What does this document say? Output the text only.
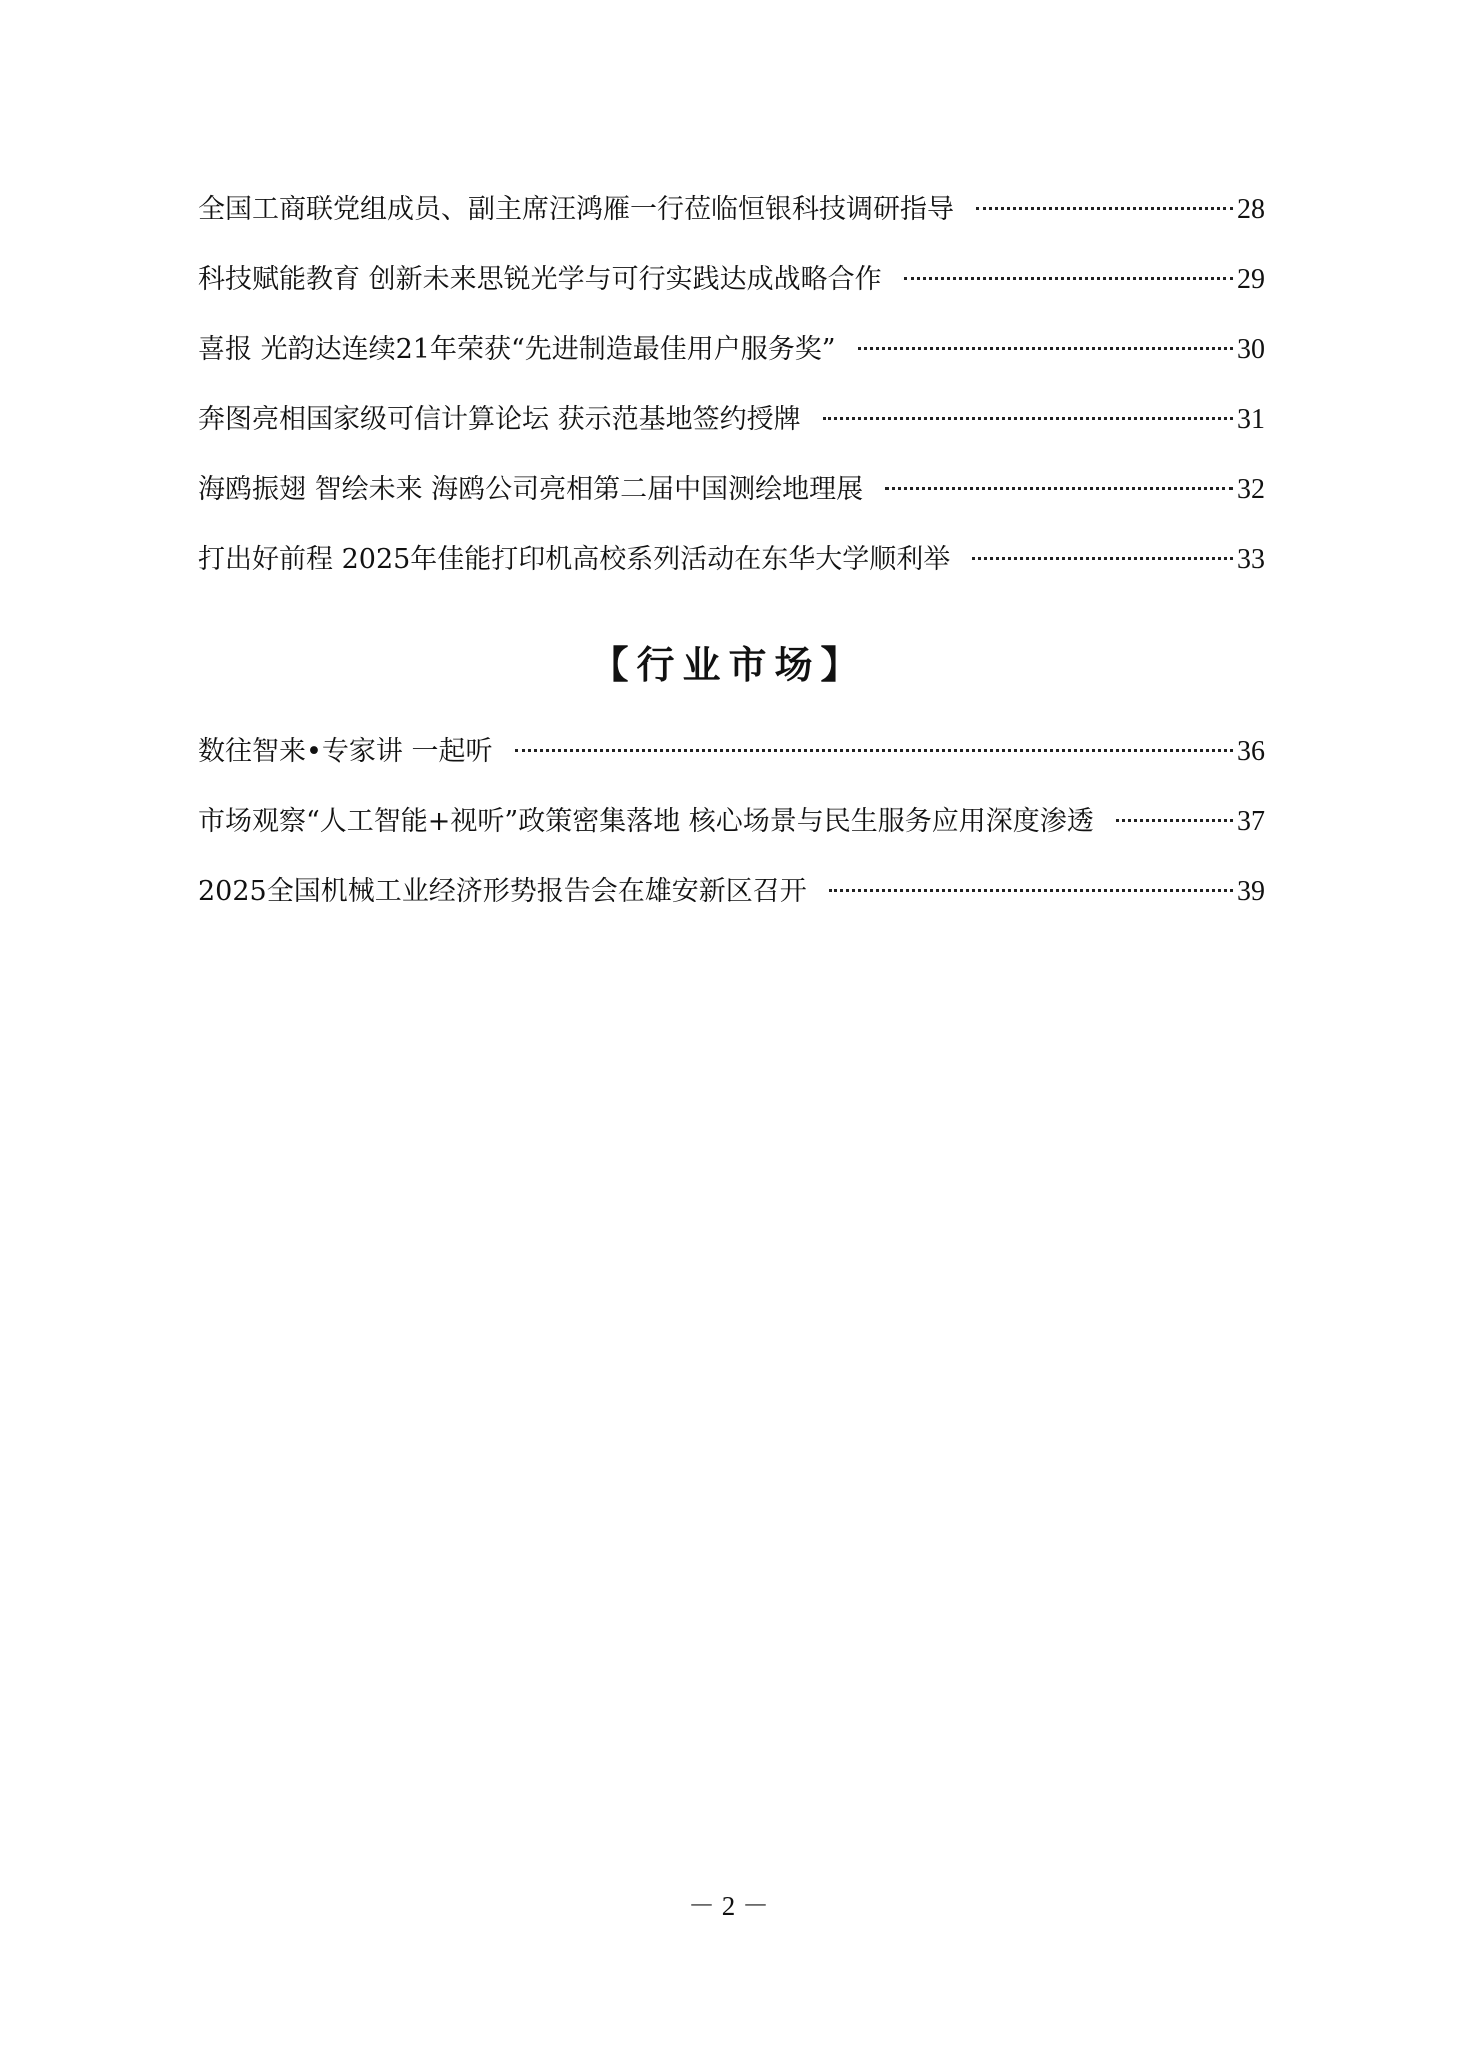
全国工商联党组成员、副主席汪鸿雁一行莅临恒银科技调研指导	28
科技赋能教育 创新未来思锐光学与可行实践达成战略合作	29
喜报 光韵达连续21年荣获“先进制造最佳用户服务奖”	30
奔图亮相国家级可信计算论坛 获示范基地签约授牌	31
海鸥振翅 智绘未来 海鸥公司亮相第二届中国测绘地理展	32
打出好前程 2025年佳能打印机高校系列活动在东华大学顺利举	33
【行业市场】
数往智来•专家讲 一起听	36
市场观察“人工智能+视听”政策密集落地 核心场景与民生服务应用深度渗透	37
2025全国机械工业经济形势报告会在雄安新区召开	39
－ 2 －
